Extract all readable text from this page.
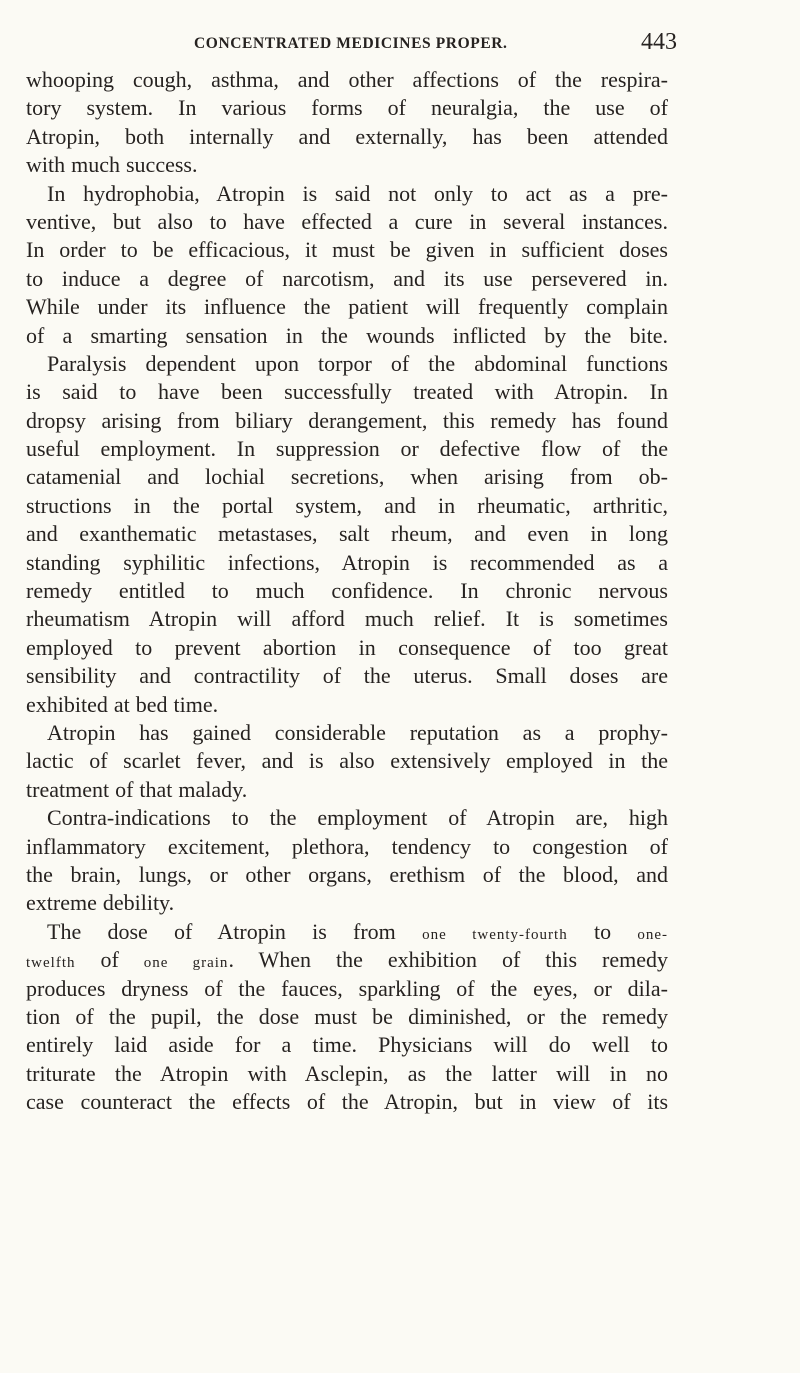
CONCENTRATED MEDICINES PROPER.	443
whooping cough, asthma, and other affections of the respira-
tory system. In various forms of neuralgia, the use of
Atropin, both internally and externally, has been attended
with much success.
In hydrophobia, Atropin is said not only to act as a pre-
ventive, but also to have effected a cure in several instances.
In order to be efficacious, it must be given in sufficient doses
to induce a degree of narcotism, and its use persevered in.
While under its influence the patient will frequently complain
of a smarting sensation in the wounds inflicted by the bite.
Paralysis dependent upon torpor of the abdominal functions
is said to have been successfully treated with Atropin. In
dropsy arising from biliary derangement, this remedy has found
useful employment. In suppression or defective flow of the
catamenial and lochial secretions, when arising from ob-
structions in the portal system, and in rheumatic, arthritic,
and exanthematic metastases, salt rheum, and even in long
standing syphilitic infections, Atropin is recommended as a
remedy entitled to much confidence. In chronic nervous
rheumatism Atropin will afford much relief. It is sometimes
employed to prevent abortion in consequence of too great
sensibility and contractility of the uterus. Small doses are
exhibited at bed time.
Atropin has gained considerable reputation as a prophy-
lactic of scarlet fever, and is also extensively employed in the
treatment of that malady.
Contra-indications to the employment of Atropin are, high
inflammatory excitement, plethora, tendency to congestion of
the brain, lungs, or other organs, erethism of the blood, and
extreme debility.
The dose of Atropin is from one twenty-fourth to one-
twelfth of one grain. When the exhibition of this remedy
produces dryness of the fauces, sparkling of the eyes, or dila-
tion of the pupil, the dose must be diminished, or the remedy
entirely laid aside for a time. Physicians will do well to
triturate the Atropin with Asclepin, as the latter will in no
case counteract the effects of the Atropin, but in view of its
